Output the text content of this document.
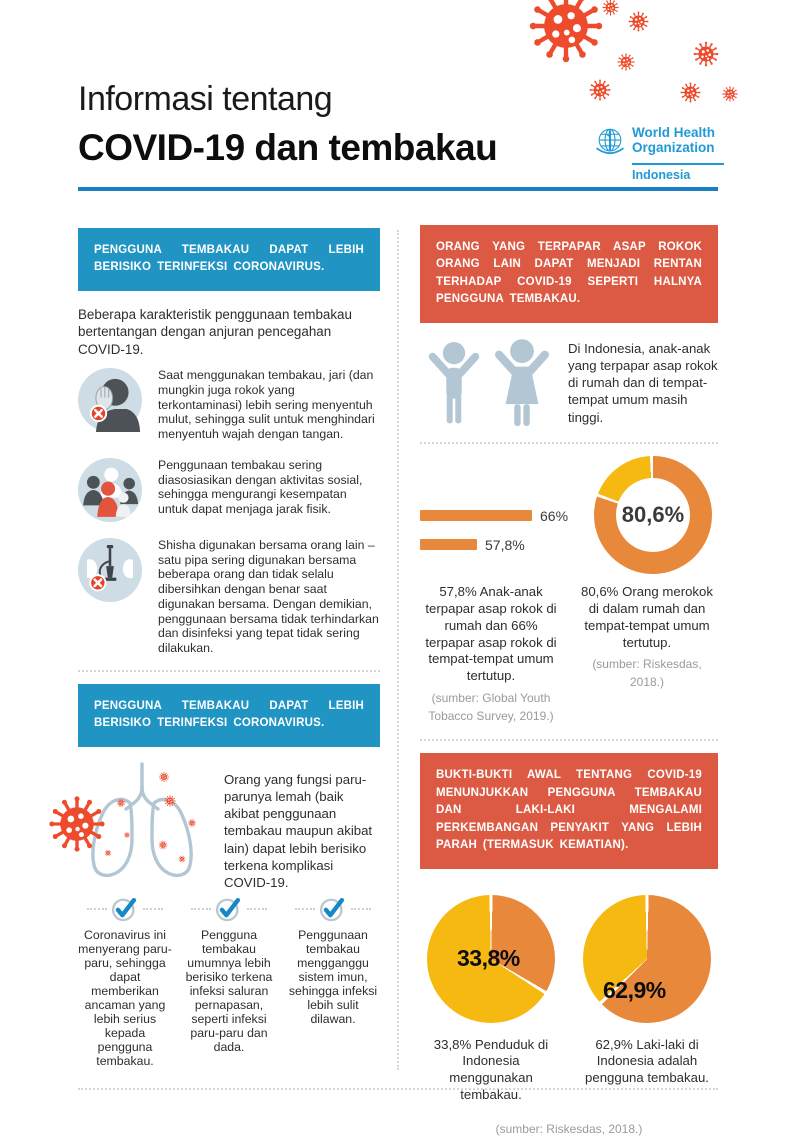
Informasi tentang
COVID-19 dan tembakau	World Health
Organization
Indonesia
PENGGUNA TEMBAKAU DAPAT LEBIH BERISIKO TERINFEKSI CORONAVIRUS.

Beberapa karakteristik penggunaan tembakau bertentangan dengan anjuran pencegahan COVID-19.

Saat menggunakan tembakau, jari (dan mungkin juga rokok yang terkontaminasi) lebih sering menyentuh mulut, sehingga sulit untuk menghindari menyentuh wajah dengan tangan.
Penggunaan tembakau sering diasosiasikan dengan aktivitas sosial, sehingga mengurangi kesempatan untuk dapat menjaga jarak fisik.
Shisha digunakan bersama orang lain – satu pipa sering digunakan bersama beberapa orang dan tidak selalu dibersihkan dengan benar saat digunakan bersama. Dengan demikian, penggunaan bersama tidak terhindarkan dan disinfeksi yang tepat tidak sering dilakukan.
PENGGUNA TEMBAKAU DAPAT LEBIH BERISIKO TERINFEKSI CORONAVIRUS.
Orang yang fungsi paru-parunya lemah (baik akibat penggunaan tembakau maupun akibat lain) dapat lebih berisiko terkena komplikasi COVID-19.
Coronavirus ini menyerang paru-paru, sehingga dapat memberikan ancaman yang lebih serius kepada pengguna tembakau.
Pengguna tembakau umumnya lebih berisiko terkena infeksi saluran pernapasan, seperti infeksi paru-paru dan dada.
Penggunaan tembakau mengganggu sistem imun, sehingga infeksi lebih sulit dilawan.
ORANG YANG TERPAPAR ASAP ROKOK ORANG LAIN DAPAT MENJADI RENTAN TERHADAP COVID-19 SEPERTI HALNYA PENGGUNA TEMBAKAU.
Di Indonesia, anak-anak yang terpapar asap rokok di rumah dan di tempat-tempat umum masih tinggi.
66%
57,8%
80,6%
57,8% Anak-anak terpapar asap rokok di rumah dan 66% terpapar asap rokok di tempat-tempat umum tertutup.
(sumber: Global Youth Tobacco Survey, 2019.)
80,6% Orang merokok di dalam rumah dan tempat-tempat umum tertutup.
(sumber: Riskesdas, 2018.)
BUKTI-BUKTI AWAL TENTANG COVID-19 MENUNJUKKAN PENGGUNA TEMBAKAU DAN LAKI-LAKI MENGALAMI PERKEMBANGAN PENYAKIT YANG LEBIH PARAH (TERMASUK KEMATIAN).
33,8%
62,9%
33,8% Penduduk di Indonesia menggunakan tembakau.
62,9% Laki-laki di Indonesia adalah pengguna tembakau.
(sumber: Riskesdas, 2018.)
